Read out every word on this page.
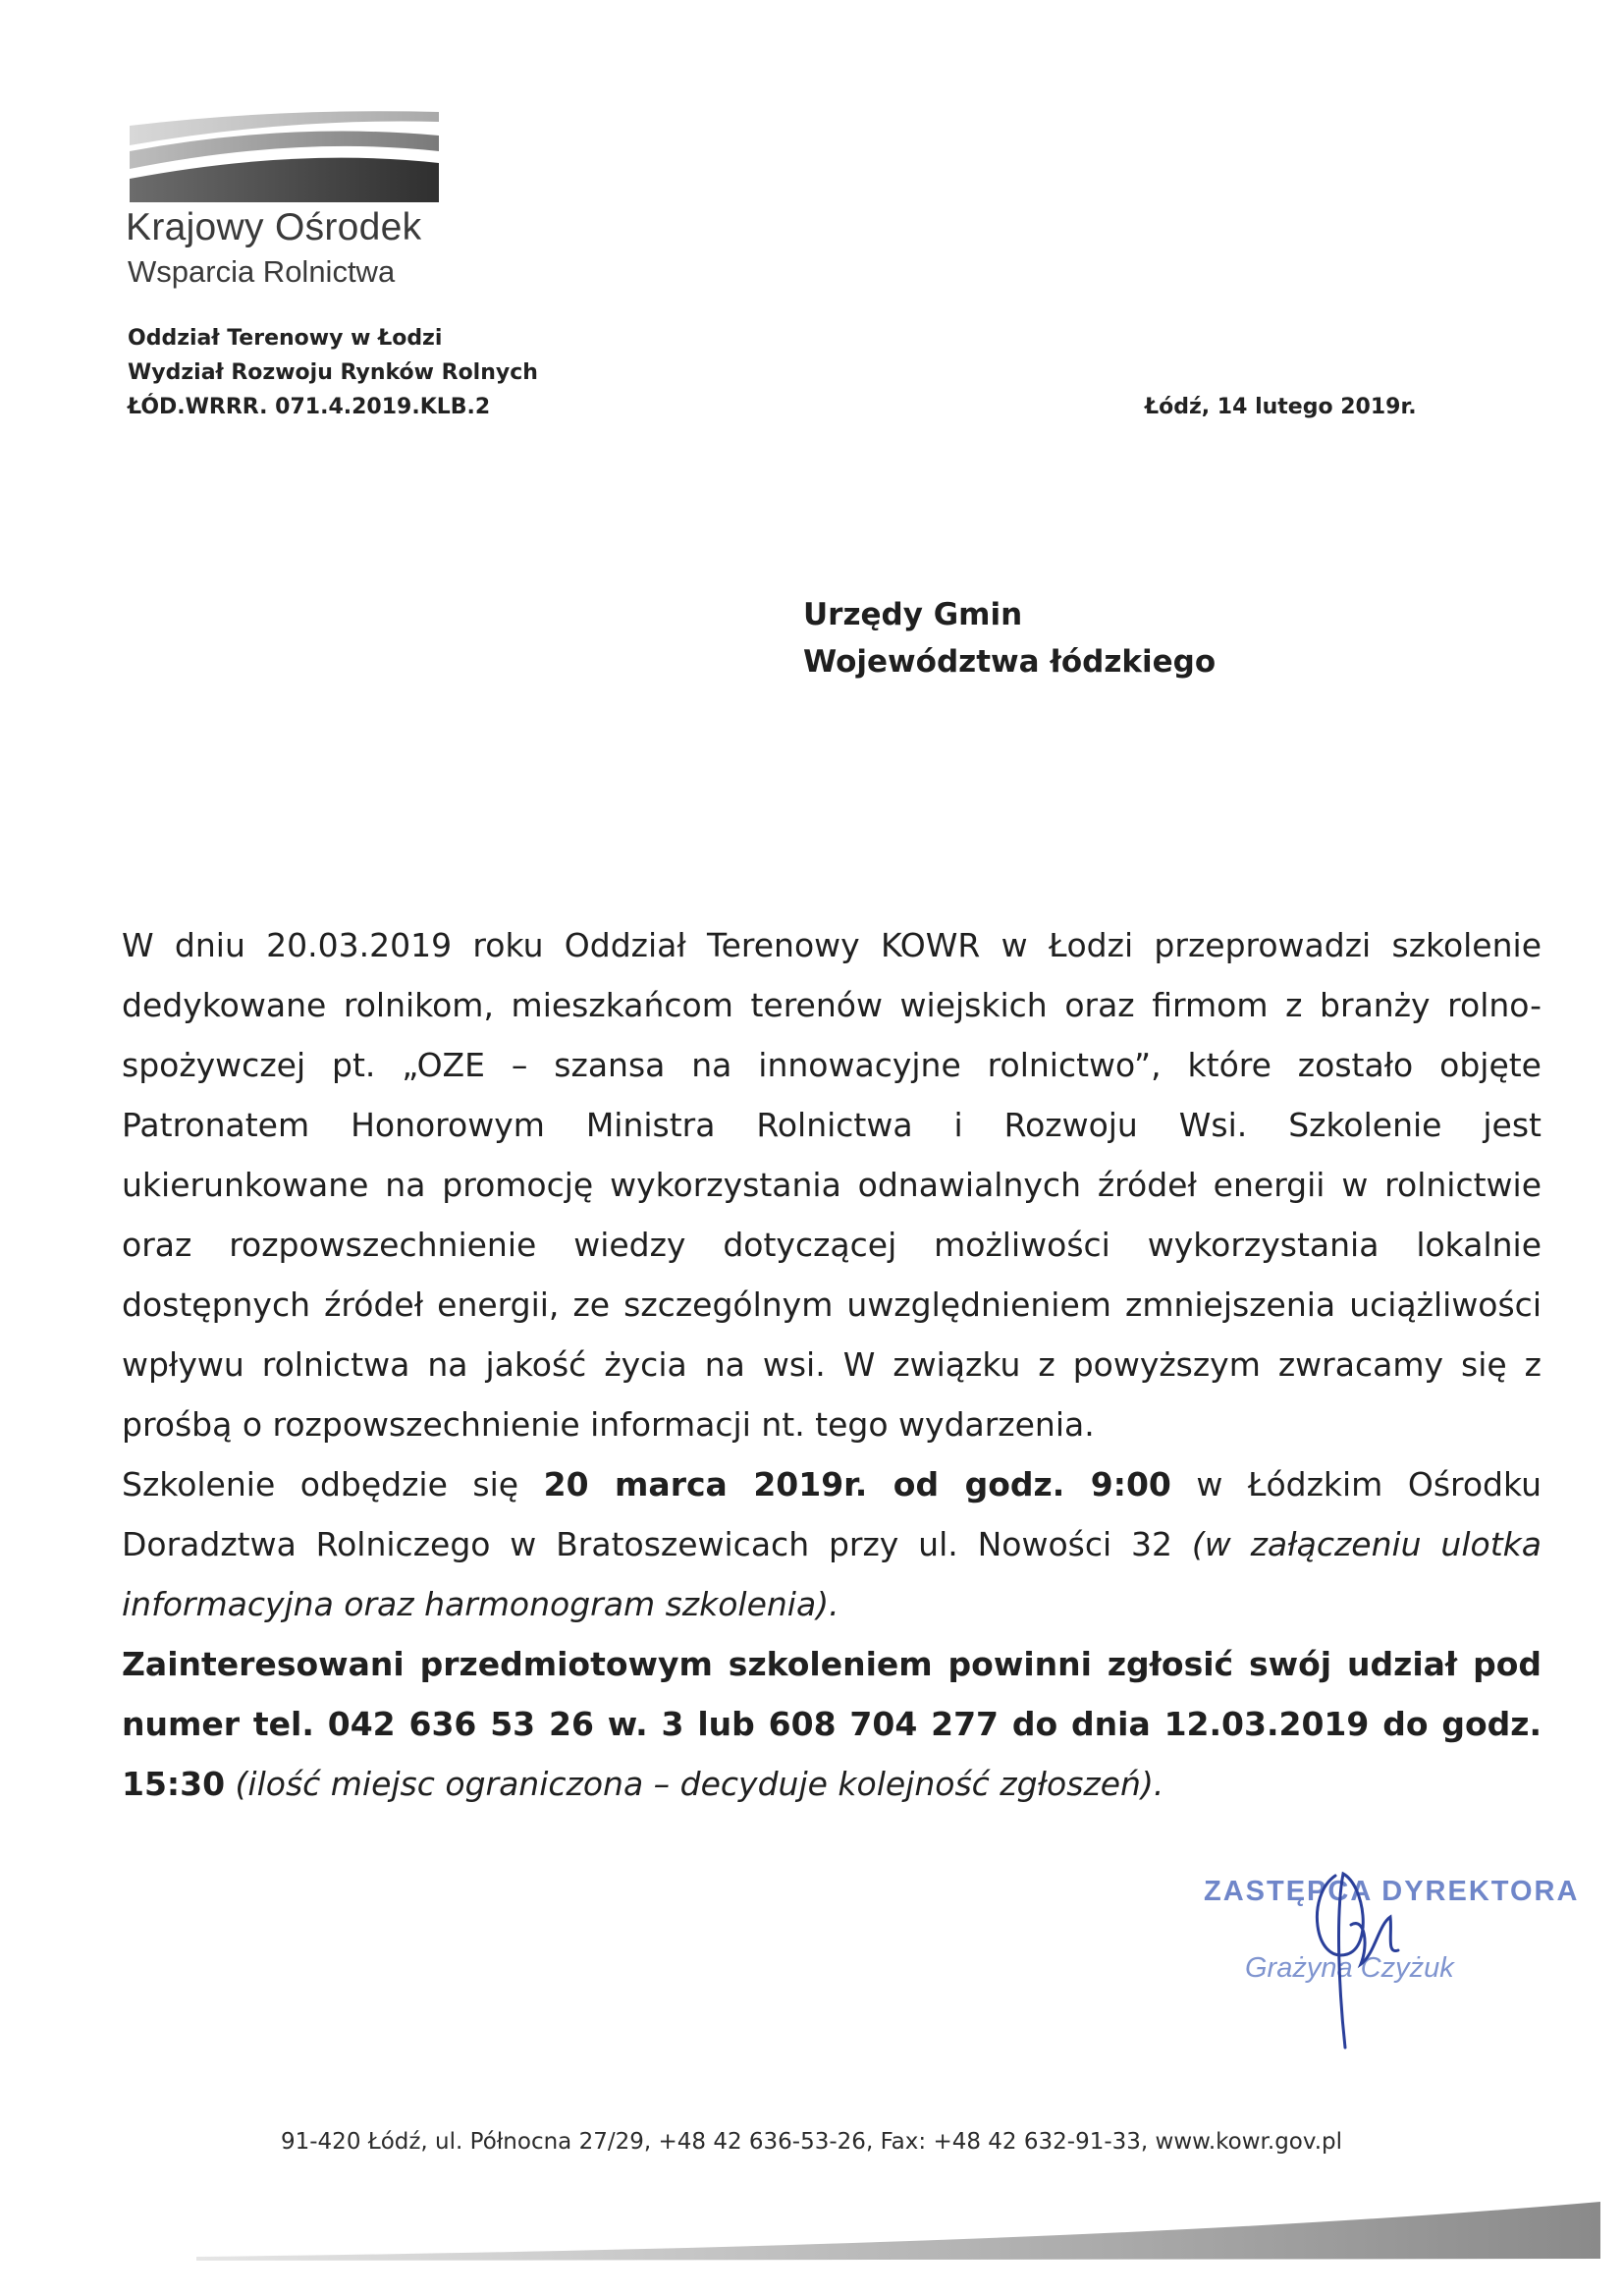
Krajowy Ośrodek
Wsparcia Rolnictwa
Oddział Terenowy w Łodzi
Wydział Rozwoju Rynków Rolnych
ŁÓD.WRRR. 071.4.2019.KLB.2	Łódź, 14 lutego 2019r.
Urzędy Gmin
Województwa łódzkiego

W dniu 20.03.2019 roku Oddział Terenowy KOWR w Łodzi przeprowadzi szkolenie dedykowane rolnikom, mieszkańcom terenów wiejskich oraz firmom z branży rolno-spożywczej pt. „OZE – szansa na innowacyjne rolnictwo”, które zostało objęte Patronatem Honorowym Ministra Rolnictwa i Rozwoju Wsi. Szkolenie jest ukierunkowane na promocję wykorzystania odnawialnych źródeł energii w rolnictwie oraz rozpowszechnienie wiedzy dotyczącej możliwości wykorzystania lokalnie dostępnych źródeł energii, ze szczególnym uwzględnieniem zmniejszenia uciążliwości wpływu rolnictwa na jakość życia na wsi. W związku z powyższym zwracamy się z prośbą o rozpowszechnienie informacji nt. tego wydarzenia.

Szkolenie odbędzie się 20 marca 2019r. od godz. 9:00 w Łódzkim Ośrodku Doradztwa Rolniczego w Bratoszewicach przy ul. Nowości 32 (w załączeniu ulotka informacyjna oraz harmonogram szkolenia).

Zainteresowani przedmiotowym szkoleniem powinni zgłosić swój udział pod numer tel. 042 636 53 26 w. 3 lub 608 704 277 do dnia 12.03.2019 do godz. 15:30 (ilość miejsc ograniczona – decyduje kolejność zgłoszeń).

ZASTĘPCA DYREKTORA
Grażyna Czyżuk
91-420 Łódź, ul. Północna 27/29, +48 42 636-53-26, Fax: +48 42 632-91-33, www.kowr.gov.pl
